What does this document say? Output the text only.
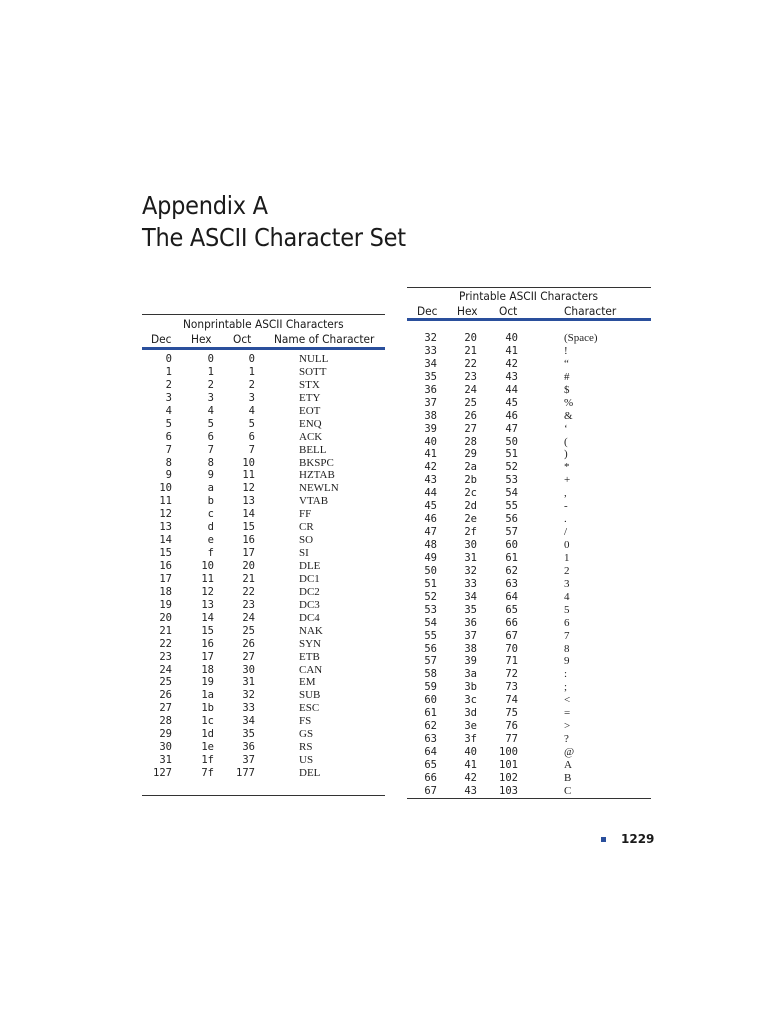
Appendix A
The ASCII Character Set
Nonprintable ASCII Characters
Dec Hex Oct Name of Character
0	0	0	NULL
1	1	1	SOTT
2	2	2	STX
3	3	3	ETY
4	4	4	EOT
5	5	5	ENQ
6	6	6	ACK
7	7	7	BELL
8	8	10	BKSPC
9	9	11	HZTAB
10	a	12	NEWLN
11	b	13	VTAB
12	c	14	FF
13	d	15	CR
14	e	16	SO
15	f	17	SI
16	10	20	DLE
17	11	21	DC1
18	12	22	DC2
19	13	23	DC3
20	14	24	DC4
21	15	25	NAK
22	16	26	SYN
23	17	27	ETB
24	18	30	CAN
25	19	31	EM
26	1a	32	SUB
27	1b	33	ESC
28	1c	34	FS
29	1d	35	GS
30	1e	36	RS
31	1f	37	US
127	7f	177	DEL
Printable ASCII Characters
Dec Hex Oct	Character
32	20	40	(Space)
33	21	41	!
34	22	42	“
35	23	43	#
36	24	44	$
37	25	45	%
38	26	46	&
39	27	47	‘
40	28	50	(
41	29	51	)
42	2a	52	*
43	2b	53	+
44	2c	54	,
45	2d	55	-
46	2e	56	.
47	2f	57	/
48	30	60	0
49	31	61	1
50	32	62	2
51	33	63	3
52	34	64	4
53	35	65	5
54	36	66	6
55	37	67	7
56	38	70	8
57	39	71	9
58	3a	72	:
59	3b	73	;
60	3c	74	<
61	3d	75	=
62	3e	76	>
63	3f	77	?
64	40	100	@
65	41	101	A
66	42	102	B
67	43	103	C
1229
